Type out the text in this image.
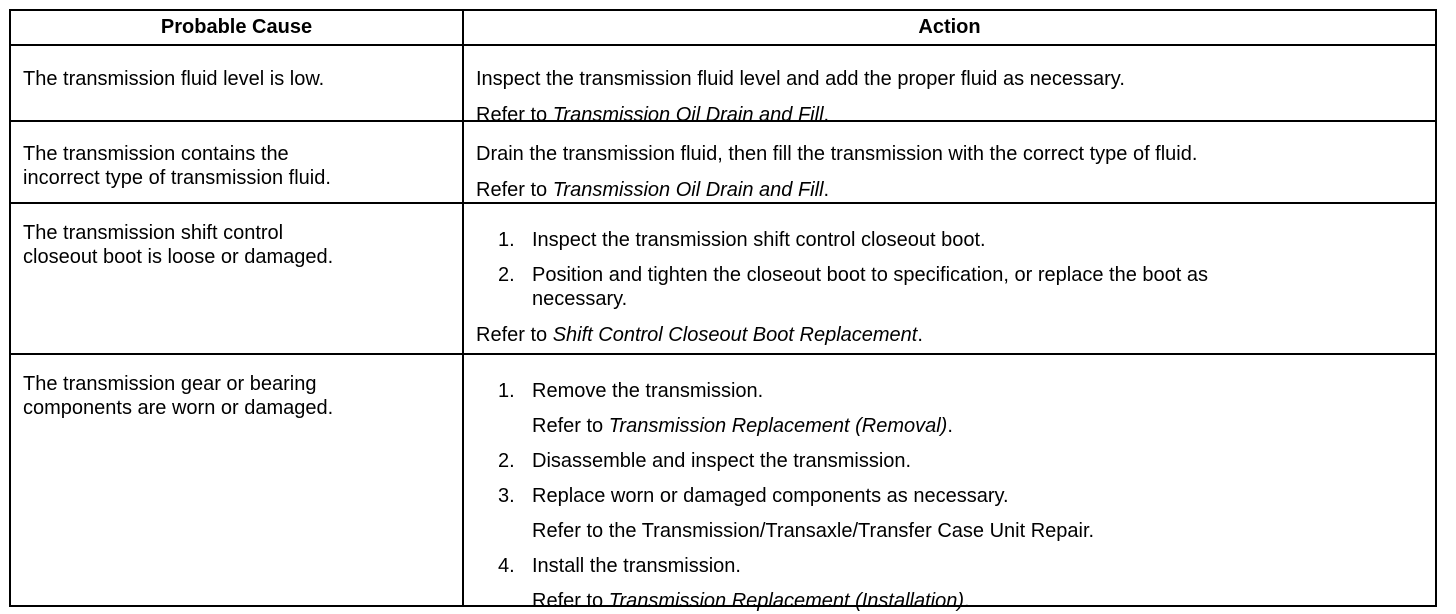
Probable Cause	Action

The transmission fluid level is low.	Inspect the transmission fluid level and add the proper fluid as necessary.

Refer to Transmission Oil Drain and Fill.

The transmission contains the

incorrect type of transmission fluid.

Drain the transmission fluid, then fill the transmission with the correct type of fluid.

Refer to Transmission Oil Drain and Fill.

The transmission shift control

closeout boot is loose or damaged.

1. Inspect the transmission shift control closeout boot.
2. Position and tighten the closeout boot to specification, or replace the boot as
necessary.

Refer to Shift Control Closeout Boot Replacement.

The transmission gear or bearing

components are worn or damaged.

1. Remove the transmission.
Refer to Transmission Replacement (Removal).
2. Disassemble and inspect the transmission.
3. Replace worn or damaged components as necessary.
Refer to the Transmission/Transaxle/Transfer Case Unit Repair.
4. Install the transmission.
Refer to Transmission Replacement (Installation).
